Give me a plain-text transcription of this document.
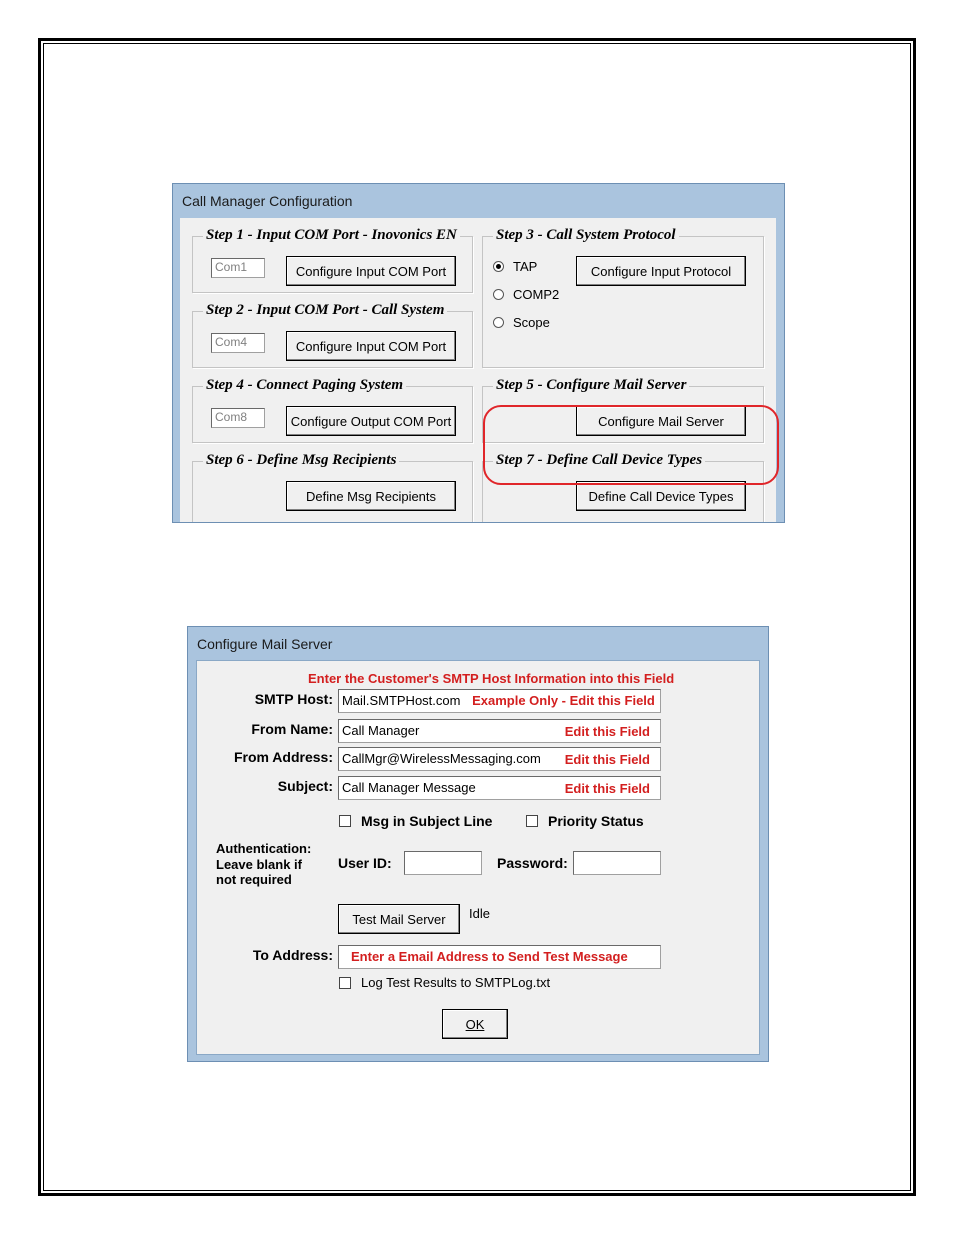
Call Manager Configuration
Step 1 - Input COM Port - Inovonics EN
Com1	Configure Input COM Port
Step 2 - Input COM Port - Call System
Com4	Configure Input COM Port
Step 3 - Call System Protocol
TAP
COMP2
Scope
Configure Input Protocol
Step 4 - Connect Paging System
Com8	Configure Output COM Port
Step 5 - Configure Mail Server
Configure Mail Server
Step 6 - Define Msg Recipients
Define Msg Recipients
Step 7 - Define Call Device Types
Define Call Device Types
Configure Mail Server
Enter the Customer's SMTP Host Information into this Field
SMTP Host: Mail.SMTPHost.com Example Only - Edit this Field
From Name: Call Manager	Edit this Field
From Address: CallMgr@WirelessMessaging.com Edit this Field
Subject: Call Manager Message	Edit this Field
Msg in Subject Line	Priority Status
Authentication:
Leave blank if
not required
User ID:	Password:
Test Mail Server	Idle
To Address:	Enter a Email Address to Send Test Message
Log Test Results to SMTPLog.txt
OK
